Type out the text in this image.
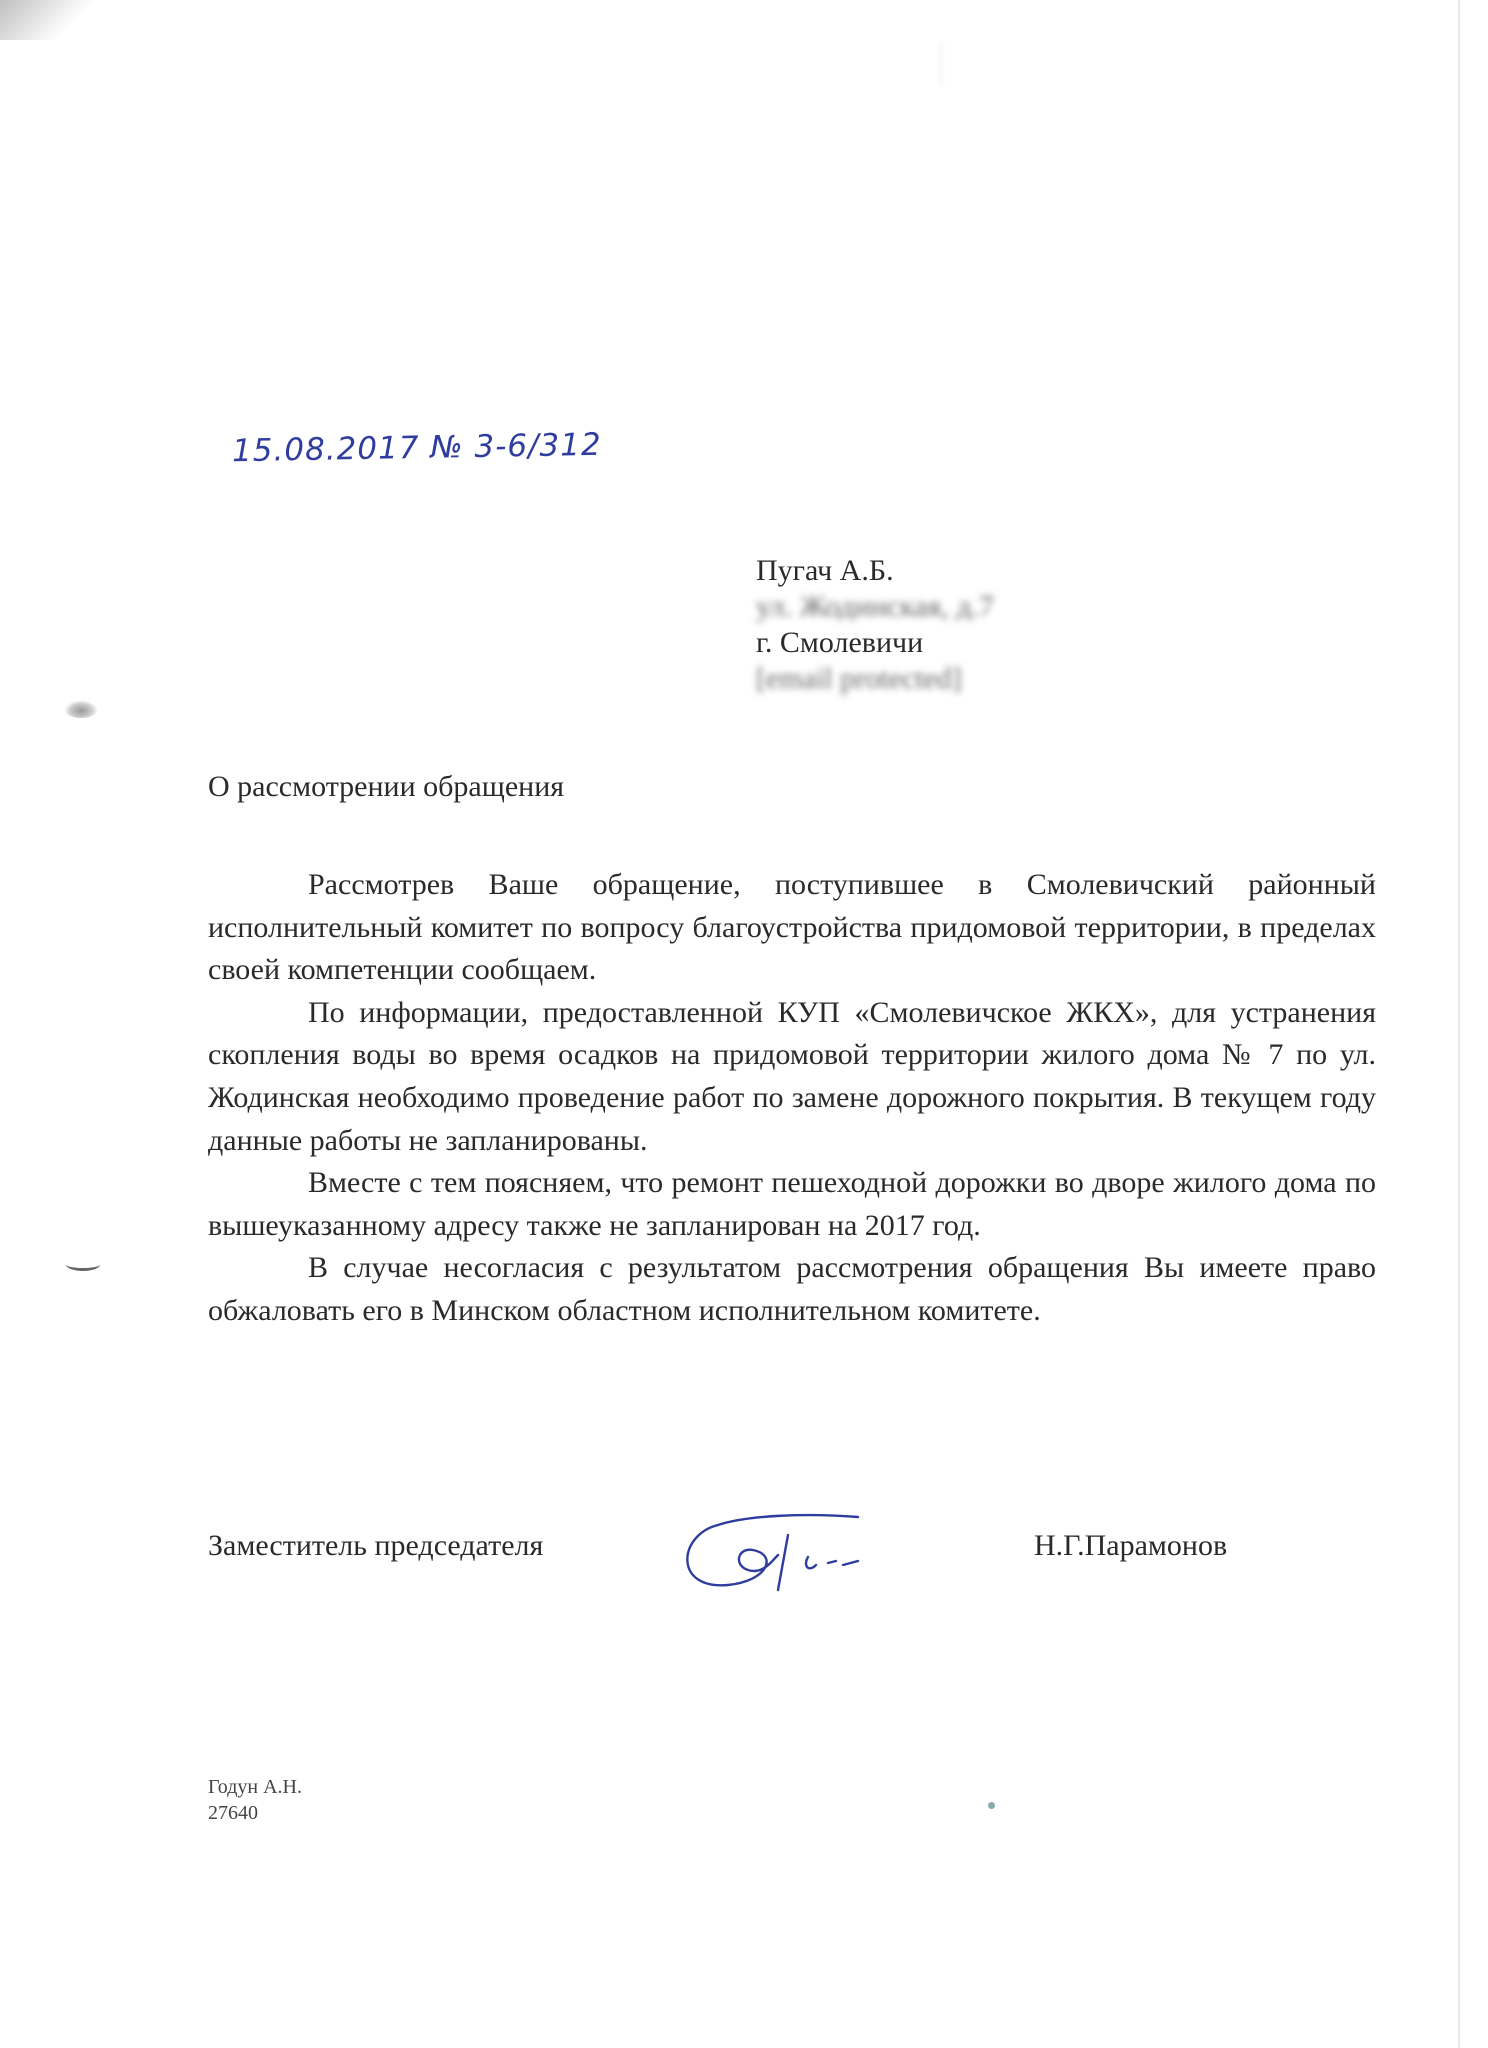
15.08.2017 № 3-6/312
Пугач А.Б.
ул. Жодинская, д.7
г. Смолевичи
[email protected]
О рассмотрении обращения

Рассмотрев Ваше обращение, поступившее в Смолевичский районный исполнительный комитет по вопросу благоустройства придомовой территории, в пределах своей компетенции сообщаем.

По информации, предоставленной КУП «Смолевичское ЖКХ», для устранения скопления воды во время осадков на придомовой территории жилого дома № 7 по ул. Жодинская необходимо проведение работ по замене дорожного покрытия. В текущем году данные работы не запланированы.

Вместе с тем поясняем, что ремонт пешеходной дорожки во дворе жилого дома по вышеуказанному адресу также не запланирован на 2017 год.

В случае несогласия с результатом рассмотрения обращения Вы имеете право обжаловать его в Минском областном исполнительном комитете.

Заместитель председателя	Н.Г.Парамонов
Годун А.Н.
27640
